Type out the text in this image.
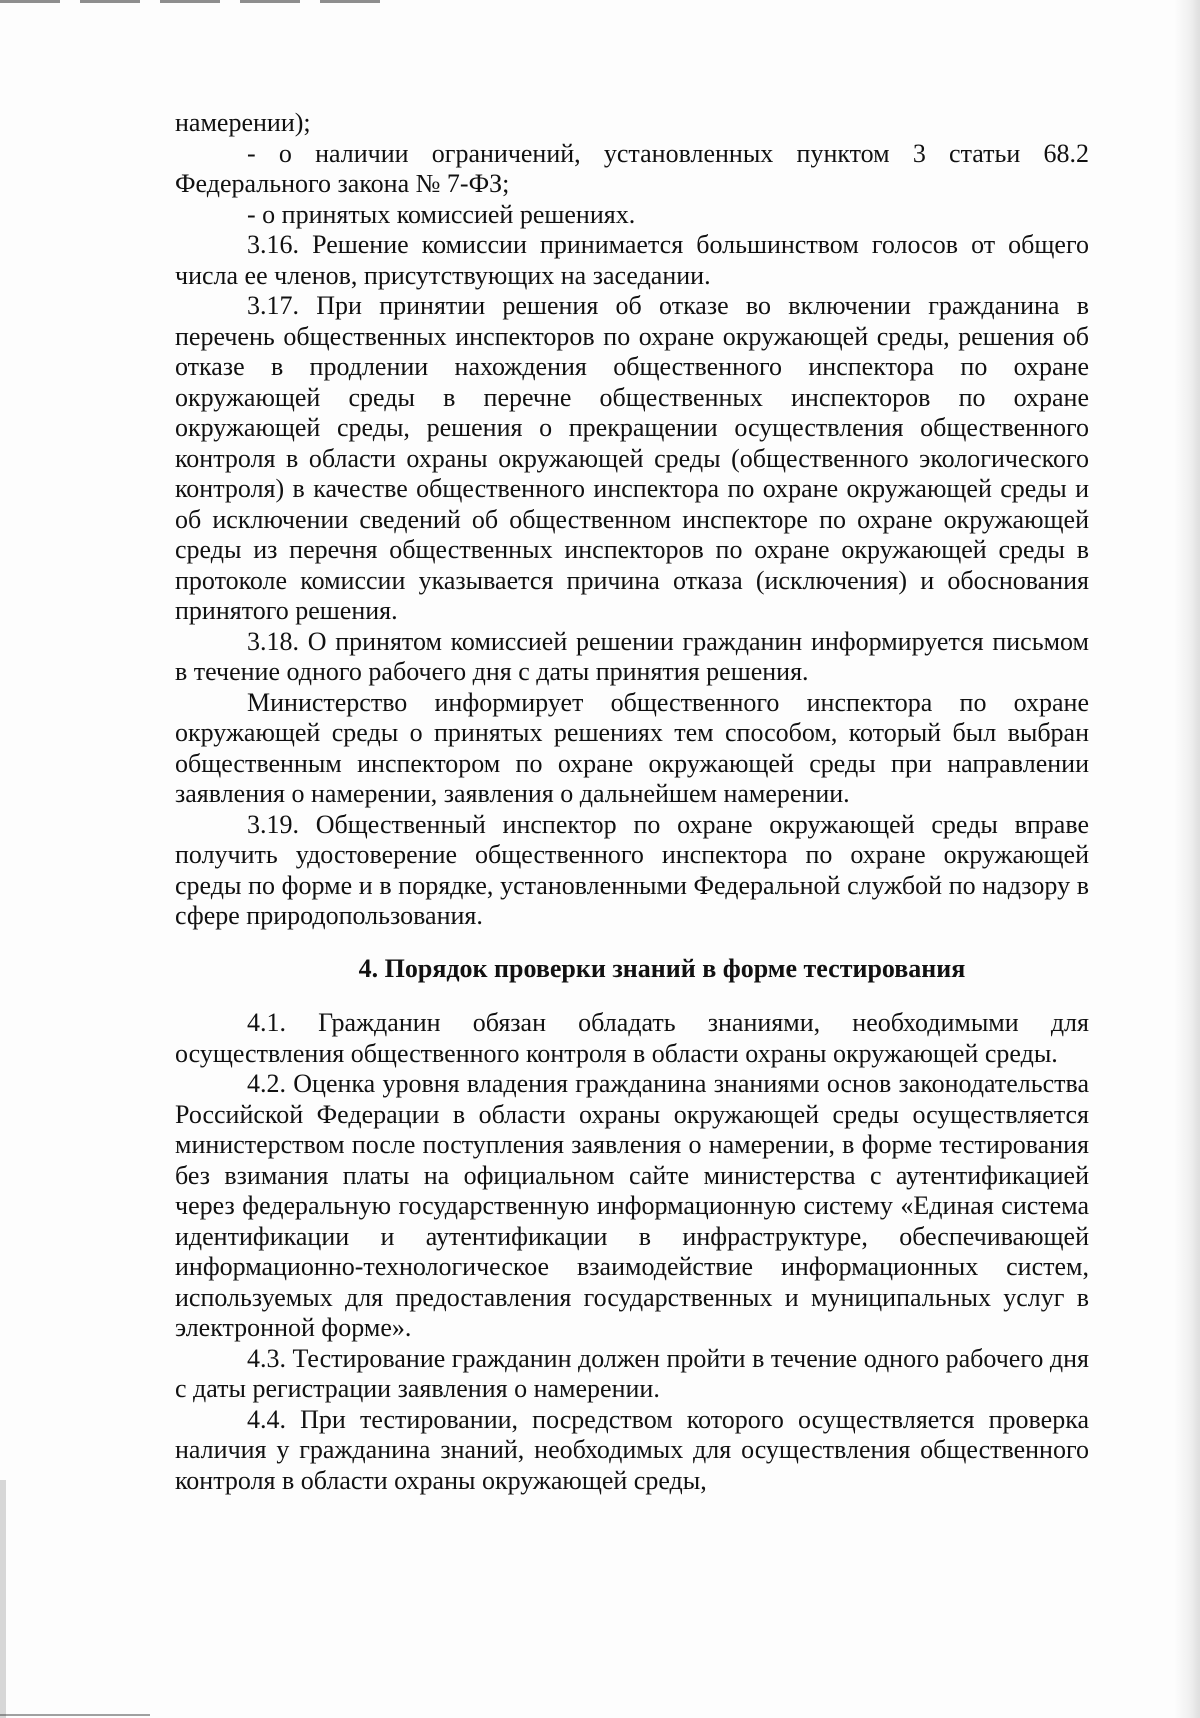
намерении);

- о наличии ограничений, установленных пунктом 3 статьи 68.2 Федерального закона № 7-ФЗ;

- о принятых комиссией решениях.

3.16. Решение комиссии принимается большинством голосов от общего числа ее членов, присутствующих на заседании.

3.17. При принятии решения об отказе во включении гражданина в перечень общественных инспекторов по охране окружающей среды, решения об отказе в продлении нахождения общественного инспектора по охране окружающей среды в перечне общественных инспекторов по охране окружающей среды, решения о прекращении осуществления общественного контроля в области охраны окружающей среды (общественного экологического контроля) в качестве общественного инспектора по охране окружающей среды и об исключении сведений об общественном инспекторе по охране окружающей среды из перечня общественных инспекторов по охране окружающей среды в протоколе комиссии указывается причина отказа (исключения) и обоснования принятого решения.

3.18. О принятом комиссией решении гражданин информируется письмом в течение одного рабочего дня с даты принятия решения.

Министерство информирует общественного инспектора по охране окружающей среды о принятых решениях тем способом, который был выбран общественным инспектором по охране окружающей среды при направлении заявления о намерении, заявления о дальнейшем намерении.

3.19. Общественный инспектор по охране окружающей среды вправе получить удостоверение общественного инспектора по охране окружающей среды по форме и в порядке, установленными Федеральной службой по надзору в сфере природопользования.

4. Порядок проверки знаний в форме тестирования

4.1. Гражданин обязан обладать знаниями, необходимыми для осуществления общественного контроля в области охраны окружающей среды.

4.2. Оценка уровня владения гражданина знаниями основ законодательства Российской Федерации в области охраны окружающей среды осуществляется министерством после поступления заявления о намерении, в форме тестирования без взимания платы на официальном сайте министерства с аутентификацией через федеральную государственную информационную систему «Единая система идентификации и аутентификации в инфраструктуре, обеспечивающей информационно-технологическое взаимодействие информационных систем, используемых для предоставления государственных и муниципальных услуг в электронной форме».

4.3. Тестирование гражданин должен пройти в течение одного рабочего дня с даты регистрации заявления о намерении.

4.4. При тестировании, посредством которого осуществляется проверка наличия у гражданина знаний, необходимых для осуществления общественного контроля в области охраны окружающей среды,
